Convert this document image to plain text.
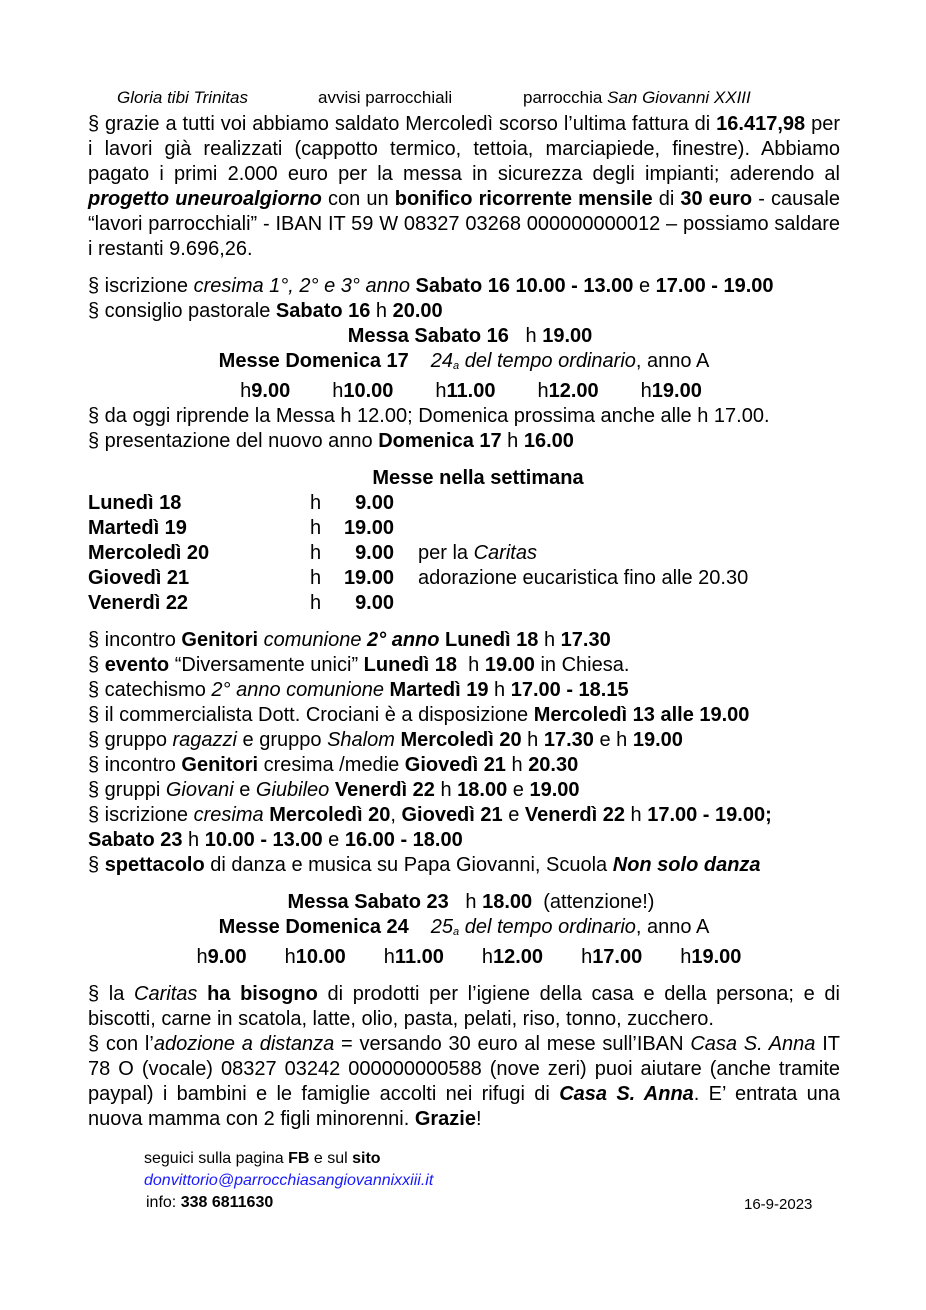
Gloria tibi Trinitas	avvisi parrocchiali	parrocchia San Giovanni XXIII

§ grazie a tutti voi abbiamo saldato Mercoledì scorso l’ultima fattura di 16.417,98 per i lavori già realizzati (cappotto termico, tettoia, marciapiede, finestre). Abbiamo pagato i primi 2.000 euro per la messa in sicurezza degli impianti; aderendo al progetto uneuroalgiorno con un bonifico ricorrente mensile di 30 euro - causale “lavori parrocchiali” - IBAN IT 59 W 08327 03268 000000000012 – possiamo saldare i restanti 9.696,26.

§ iscrizione cresima 1°, 2° e 3° anno Sabato 16 10.00 - 13.00 e 17.00 - 19.00

§ consiglio pastorale Sabato 16 h 20.00

Messa Sabato 16   h 19.00

Messe Domenica 17 $24_a$ del tempo ordinario, anno A

h9.00 h10.00 h11.00 h12.00 h19.00

§ da oggi riprende la Messa h 12.00; Domenica prossima anche alle h 17.00.

§ presentazione del nuovo anno Domenica 17 h 16.00

Messe nella settimana

Lunedì 18	h	9.00	
Martedì 19	h	19.00	
Mercoledì 20	h	9.00	per la Caritas
Giovedì 21	h	19.00	adorazione eucaristica fino alle 20.30
Venerdì 22	h	9.00	

§ incontro Genitori comunione 2° anno Lunedì 18 h 17.30

§ evento “Diversamente unici” Lunedì 18  h 19.00 in Chiesa.

§ catechismo 2° anno comunione Martedì 19 h 17.00 - 18.15

§ il commercialista Dott. Crociani è a disposizione Mercoledì 13 alle 19.00

§ gruppo ragazzi e gruppo Shalom Mercoledì 20 h 17.30 e h 19.00

§ incontro Genitori cresima /medie Giovedì 21 h 20.30

§ gruppi Giovani e Giubileo Venerdì 22 h 18.00 e 19.00

§ iscrizione cresima Mercoledì 20, Giovedì 21 e Venerdì 22 h 17.00 - 19.00;

Sabato 23 h 10.00 - 13.00 e 16.00 - 18.00

§ spettacolo di danza e musica su Papa Giovanni, Scuola Non solo danza

Messa Sabato 23   h 18.00  (attenzione!)

Messe Domenica 24 $25_a$ del tempo ordinario, anno A

h9.00 h10.00 h11.00 h12.00 h17.00 h19.00

§ la Caritas ha bisogno di prodotti per l’igiene della casa e della persona; e di biscotti, carne in scatola, latte, olio, pasta, pelati, riso, tonno, zucchero.

§ con l’adozione a distanza = versando 30 euro al mese sull’IBAN Casa S. Anna IT 78 O (vocale) 08327 03242 000000000588 (nove zeri) puoi aiutare (anche tramite paypal) i bambini e le famiglie accolti nei rifugi di Casa S. Anna. E’ entrata una nuova mamma con 2 figli minorenni. Grazie!

seguici sulla pagina FB e sul sito
donvittorio@parrocchiasangiovannixxiii.it
info: 338 6811630	16-9-2023
